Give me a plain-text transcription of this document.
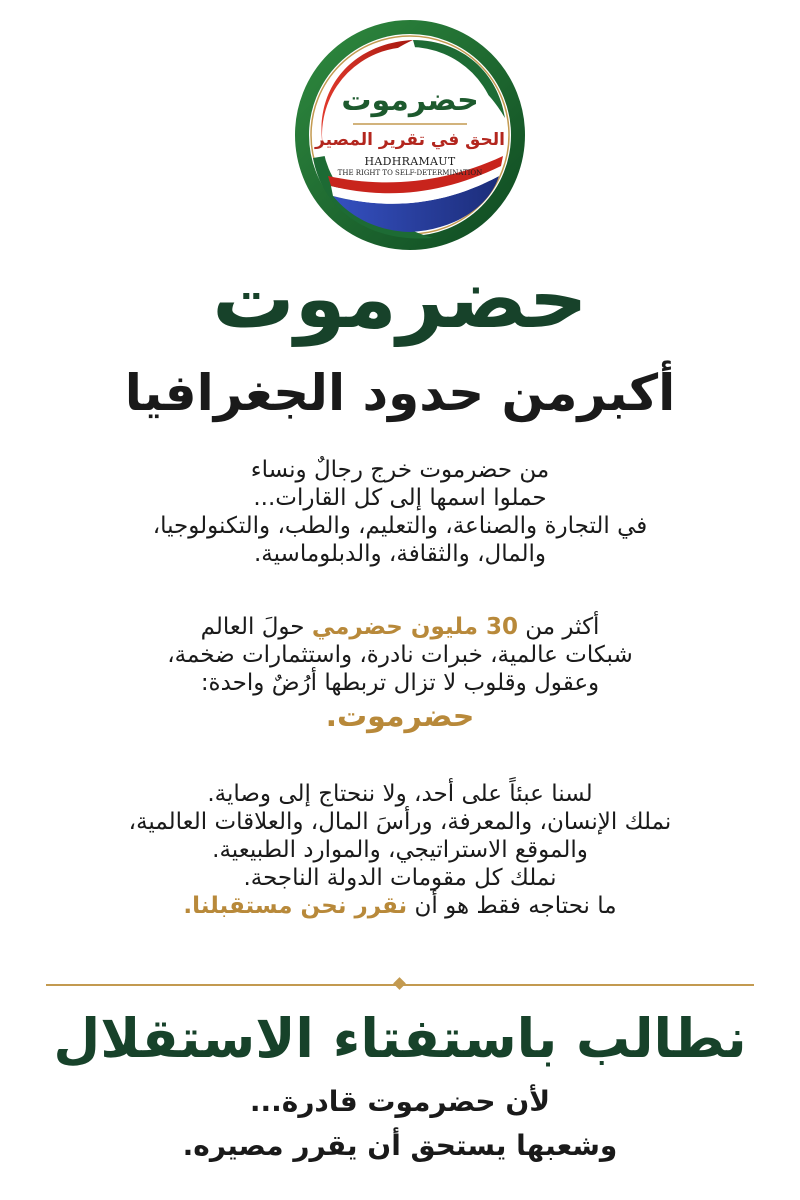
حضرموت
الحق في تقرير المصير
HADHRAMAUT
THE RIGHT TO SELF-DETERMINATION
حضرموت
أكبرمن حدود الجغرافيا
من حضرموت خرج رجالٌ ونساء
حملوا اسمها إلى كل القارات...
في التجارة والصناعة، والتعليم، والطب، والتكنولوجيا،
والمال، والثقافة، والدبلوماسية.
أكثر من 30 مليون حضرمي حولَ العالم
شبكات عالمية، خبرات نادرة، واستثمارات ضخمة،
وعقول وقلوب لا تزال تربطها أرُضٌ واحدة:
حضرموت.
لسنا عبئاً على أحد، ولا ننحتاج إلى وصاية.
نملك الإنسان، والمعرفة، ورأسَ المال، والعلاقات العالمية،
والموقع الاستراتيجي، والموارد الطبيعية.
نملك كل مقومات الدولة الناجحة.
ما نحتاجه فقط هو أن نقرر نحن مستقبلنا.
نطالب باستفتاء الاستقلال
لأن حضرموت قادرة...
وشعبها يستحق أن يقرر مصيره.
